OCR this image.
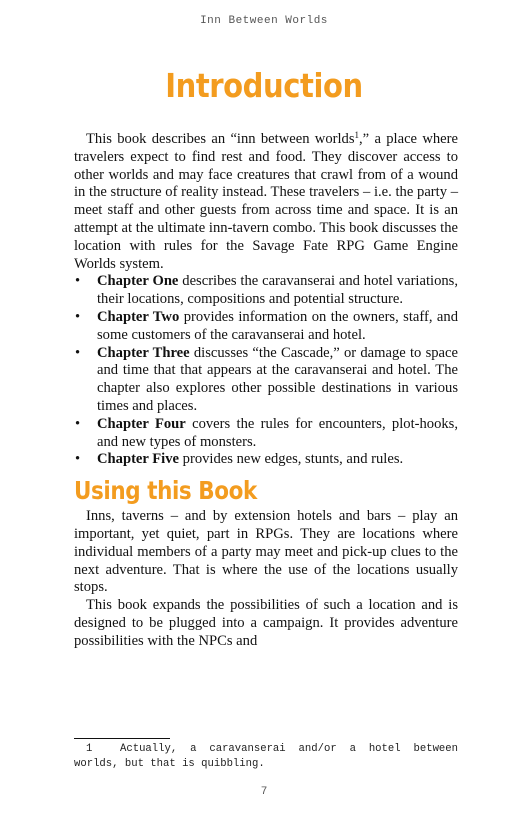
Inn Between Worlds
Introduction

This book describes an “inn between worlds$^1$,” a place where travelers expect to find rest and food. They discover access to other worlds and may face creatures that crawl from of a wound in the structure of reality instead. These travelers – i.e. the party – meet staff and other guests from across time and space. It is an attempt at the ultimate inn-tavern combo. This book discusses the location with rules for the Savage Fate RPG Game Engine Worlds system.

• Chapter One describes the caravanserai and hotel variations, their locations, compositions and potential structure.
• Chapter Two provides information on the owners, staff, and some customers of the caravanserai and hotel.
• Chapter Three discusses “the Cascade,” or damage to space and time that that appears at the caravanserai and hotel. The chapter also explores other possible destinations in various times and places.
• Chapter Four covers the rules for encounters, plot-hooks, and new types of monsters.
• Chapter Five provides new edges, stunts, and rules.
Using this Book

Inns, taverns – and by extension hotels and bars – play an important, yet quiet, part in RPGs. They are locations where individual members of a party may meet and pick-up clues to the next adventure. That is where the use of the locations usually stops.

This book expands the possibilities of such a location and is designed to be plugged into a campaign. It provides adventure possibilities with the NPCs and

1	Actually, a caravanserai and/or a hotel between worlds, but that is quibbling.
7
